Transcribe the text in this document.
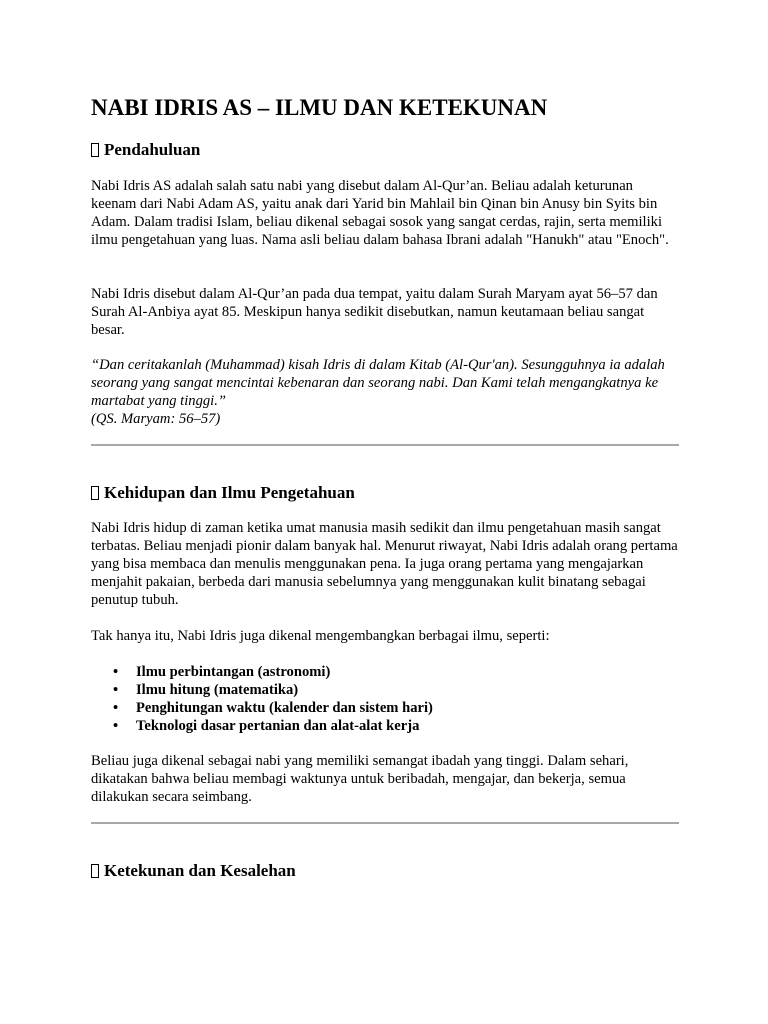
NABI IDRIS AS – ILMU DAN KETEKUNAN
Pendahuluan

Nabi Idris AS adalah salah satu nabi yang disebut dalam Al-Qur’an. Beliau adalah keturunan keenam dari Nabi Adam AS, yaitu anak dari Yarid bin Mahlail bin Qinan bin Anusy bin Syits bin Adam. Dalam tradisi Islam, beliau dikenal sebagai sosok yang sangat cerdas, rajin, serta memiliki ilmu pengetahuan yang luas. Nama asli beliau dalam bahasa Ibrani adalah "Hanukh" atau "Enoch".

Nabi Idris disebut dalam Al-Qur’an pada dua tempat, yaitu dalam Surah Maryam ayat 56–57 dan Surah Al-Anbiya ayat 85. Meskipun hanya sedikit disebutkan, namun keutamaan beliau sangat besar.

“Dan ceritakanlah (Muhammad) kisah Idris di dalam Kitab (Al-Qur'an). Sesungguhnya ia adalah seorang yang sangat mencintai kebenaran dan seorang nabi. Dan Kami telah mengangkatnya ke martabat yang tinggi.”
(QS. Maryam: 56–57)

Kehidupan dan Ilmu Pengetahuan

Nabi Idris hidup di zaman ketika umat manusia masih sedikit dan ilmu pengetahuan masih sangat terbatas. Beliau menjadi pionir dalam banyak hal. Menurut riwayat, Nabi Idris adalah orang pertama yang bisa membaca dan menulis menggunakan pena. Ia juga orang pertama yang mengajarkan menjahit pakaian, berbeda dari manusia sebelumnya yang menggunakan kulit binatang sebagai penutup tubuh.

Tak hanya itu, Nabi Idris juga dikenal mengembangkan berbagai ilmu, seperti:

• Ilmu perbintangan (astronomi)
• Ilmu hitung (matematika)
• Penghitungan waktu (kalender dan sistem hari)
• Teknologi dasar pertanian dan alat-alat kerja

Beliau juga dikenal sebagai nabi yang memiliki semangat ibadah yang tinggi. Dalam sehari, dikatakan bahwa beliau membagi waktunya untuk beribadah, mengajar, dan bekerja, semua dilakukan secara seimbang.

Ketekunan dan Kesalehan
